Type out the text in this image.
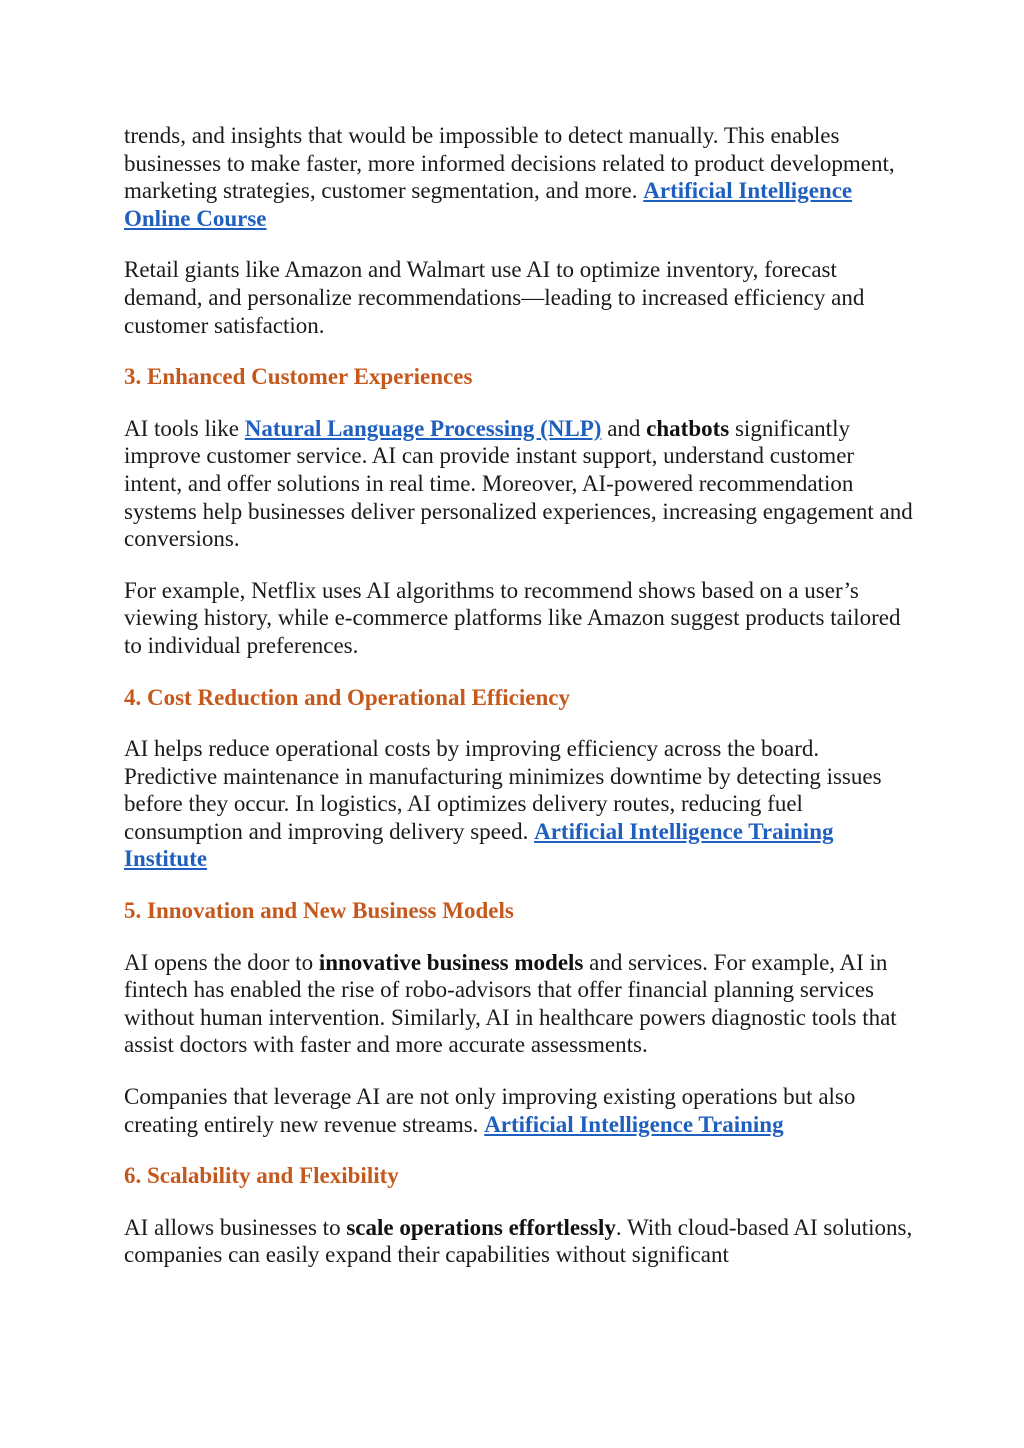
trends, and insights that would be impossible to detect manually. This enables businesses to make faster, more informed decisions related to product development, marketing strategies, customer segmentation, and more. Artificial Intelligence Online Course

Retail giants like Amazon and Walmart use AI to optimize inventory, forecast demand, and personalize recommendations—leading to increased efficiency and customer satisfaction.

3. Enhanced Customer Experiences

AI tools like Natural Language Processing (NLP) and chatbots significantly improve customer service. AI can provide instant support, understand customer intent, and offer solutions in real time. Moreover, AI-powered recommendation systems help businesses deliver personalized experiences, increasing engagement and conversions.

For example, Netflix uses AI algorithms to recommend shows based on a user’s viewing history, while e-commerce platforms like Amazon suggest products tailored to individual preferences.

4. Cost Reduction and Operational Efficiency

AI helps reduce operational costs by improving efficiency across the board. Predictive maintenance in manufacturing minimizes downtime by detecting issues before they occur. In logistics, AI optimizes delivery routes, reducing fuel consumption and improving delivery speed. Artificial Intelligence Training Institute

5. Innovation and New Business Models

AI opens the door to innovative business models and services. For example, AI in fintech has enabled the rise of robo-advisors that offer financial planning services without human intervention. Similarly, AI in healthcare powers diagnostic tools that assist doctors with faster and more accurate assessments.

Companies that leverage AI are not only improving existing operations but also creating entirely new revenue streams. Artificial Intelligence Training

6. Scalability and Flexibility

AI allows businesses to scale operations effortlessly. With cloud-based AI solutions, companies can easily expand their capabilities without significant
